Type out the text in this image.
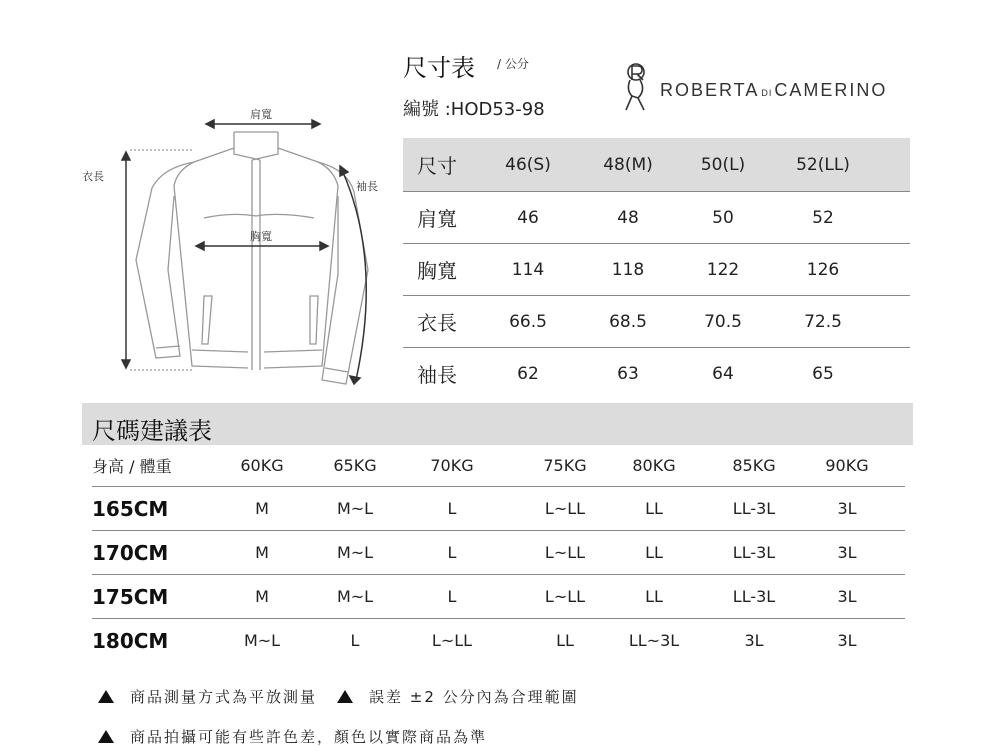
尺寸表 / 公分
編號 :HOD53-98
ROBERTA DI CAMERINO
肩寬
胸寬
衣長
袖長
尺寸	46(S)	48(M)	50(L)	52(LL)
肩寬	46	48	50	52
胸寬	114	118	122	126
衣長	66.5	68.5	70.5	72.5
袖長	62	63	64	65
尺碼建議表
身高 / 體重	60KG	65KG	70KG	75KG	80KG	85KG	90KG
165CM	M	M~L	L	L~LL	LL	LL-3L	3L
170CM	M	M~L	L	L~LL	LL	LL-3L	3L
175CM	M	M~L	L	L~LL	LL	LL-3L	3L
180CM	M~L	L	L~LL	LL	LL~3L	3L	3L
商品測量方式為平放測量	誤差 ±2 公分內為合理範圍
商品拍攝可能有些許色差，顏色以實際商品為準
